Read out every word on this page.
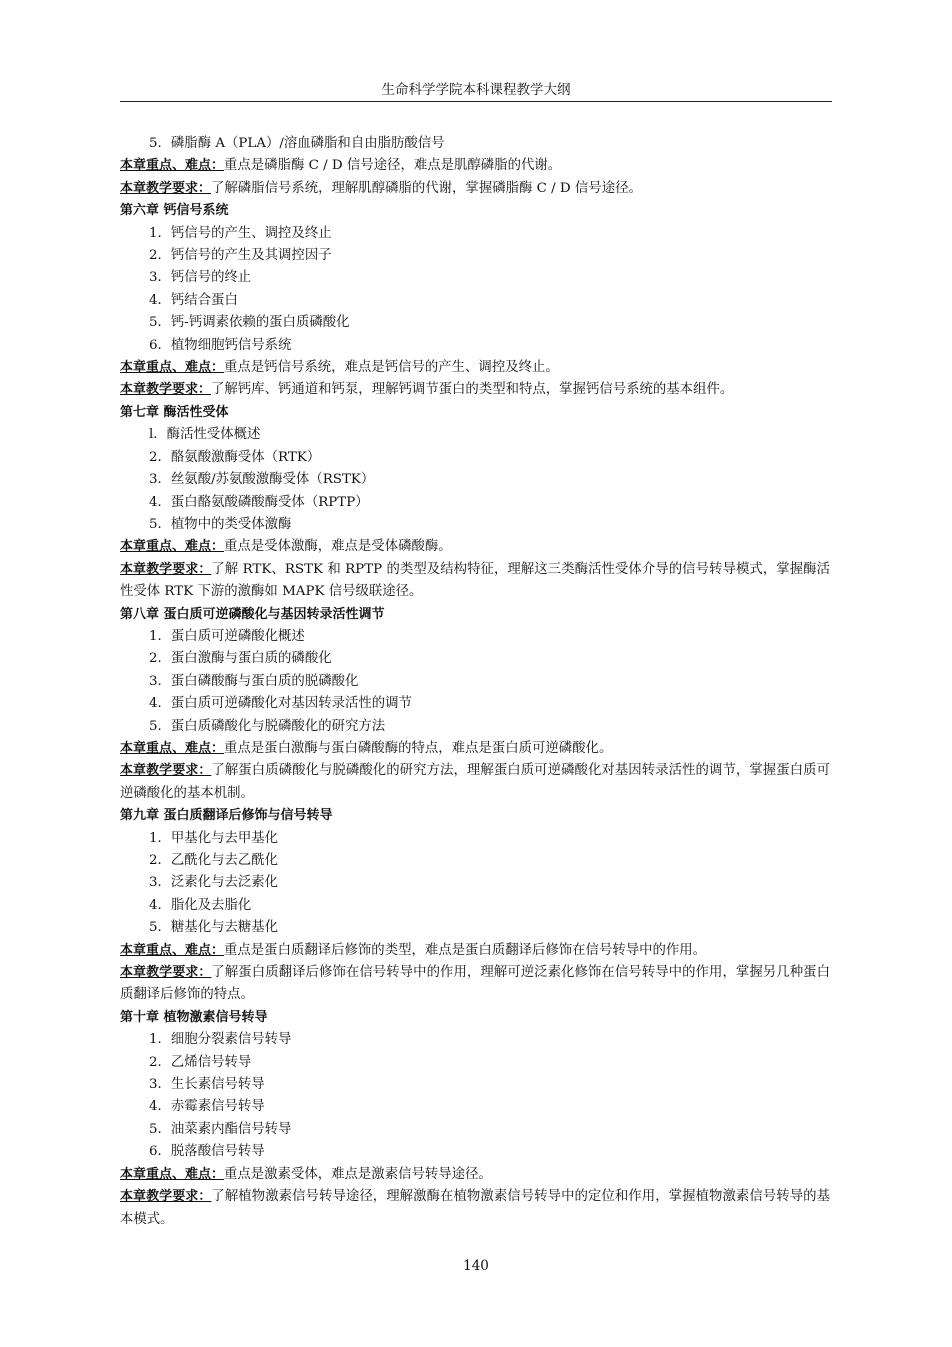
生命科学学院本科课程教学大纲
5．磷脂酶 A（PLA）/溶血磷脂和自由脂肪酸信号
本章重点、难点：重点是磷脂酶 C / D 信号途径，难点是肌醇磷脂的代谢。
本章教学要求：了解磷脂信号系统，理解肌醇磷脂的代谢，掌握磷脂酶 C / D 信号途径。
第六章 钙信号系统
1．钙信号的产生、调控及终止
2．钙信号的产生及其调控因子
3．钙信号的终止
4．钙结合蛋白
5．钙-钙调素依赖的蛋白质磷酸化
6．植物细胞钙信号系统
本章重点、难点：重点是钙信号系统，难点是钙信号的产生、调控及终止。
本章教学要求：了解钙库、钙通道和钙泵，理解钙调节蛋白的类型和特点，掌握钙信号系统的基本组件。
第七章 酶活性受体
l．酶活性受体概述
2．酪氨酸激酶受体（RTK）
3．丝氨酸/苏氨酸激酶受体（RSTK）
4．蛋白酪氨酸磷酸酶受体（RPTP）
5．植物中的类受体激酶
本章重点、难点：重点是受体激酶，难点是受体磷酸酶。
本章教学要求：了解 RTK、RSTK 和 RPTP 的类型及结构特征，理解这三类酶活性受体介导的信号转导模式，掌握酶活性受体 RTK 下游的激酶如 MAPK 信号级联途径。
第八章 蛋白质可逆磷酸化与基因转录活性调节
1．蛋白质可逆磷酸化概述
2．蛋白激酶与蛋白质的磷酸化
3．蛋白磷酸酶与蛋白质的脱磷酸化
4．蛋白质可逆磷酸化对基因转录活性的调节
5．蛋白质磷酸化与脱磷酸化的研究方法
本章重点、难点：重点是蛋白激酶与蛋白磷酸酶的特点，难点是蛋白质可逆磷酸化。
本章教学要求：了解蛋白质磷酸化与脱磷酸化的研究方法，理解蛋白质可逆磷酸化对基因转录活性的调节，掌握蛋白质可逆磷酸化的基本机制。
第九章 蛋白质翻译后修饰与信号转导
1．甲基化与去甲基化
2．乙酰化与去乙酰化
3．泛素化与去泛素化
4．脂化及去脂化
5．糖基化与去糖基化
本章重点、难点：重点是蛋白质翻译后修饰的类型，难点是蛋白质翻译后修饰在信号转导中的作用。
本章教学要求：了解蛋白质翻译后修饰在信号转导中的作用，理解可逆泛素化修饰在信号转导中的作用，掌握另几种蛋白质翻译后修饰的特点。
第十章 植物激素信号转导
1．细胞分裂素信号转导
2．乙烯信号转导
3．生长素信号转导
4．赤霉素信号转导
5．油菜素内酯信号转导
6．脱落酸信号转导
本章重点、难点：重点是激素受体，难点是激素信号转导途径。
本章教学要求：了解植物激素信号转导途径，理解激酶在植物激素信号转导中的定位和作用，掌握植物激素信号转导的基本模式。
140
